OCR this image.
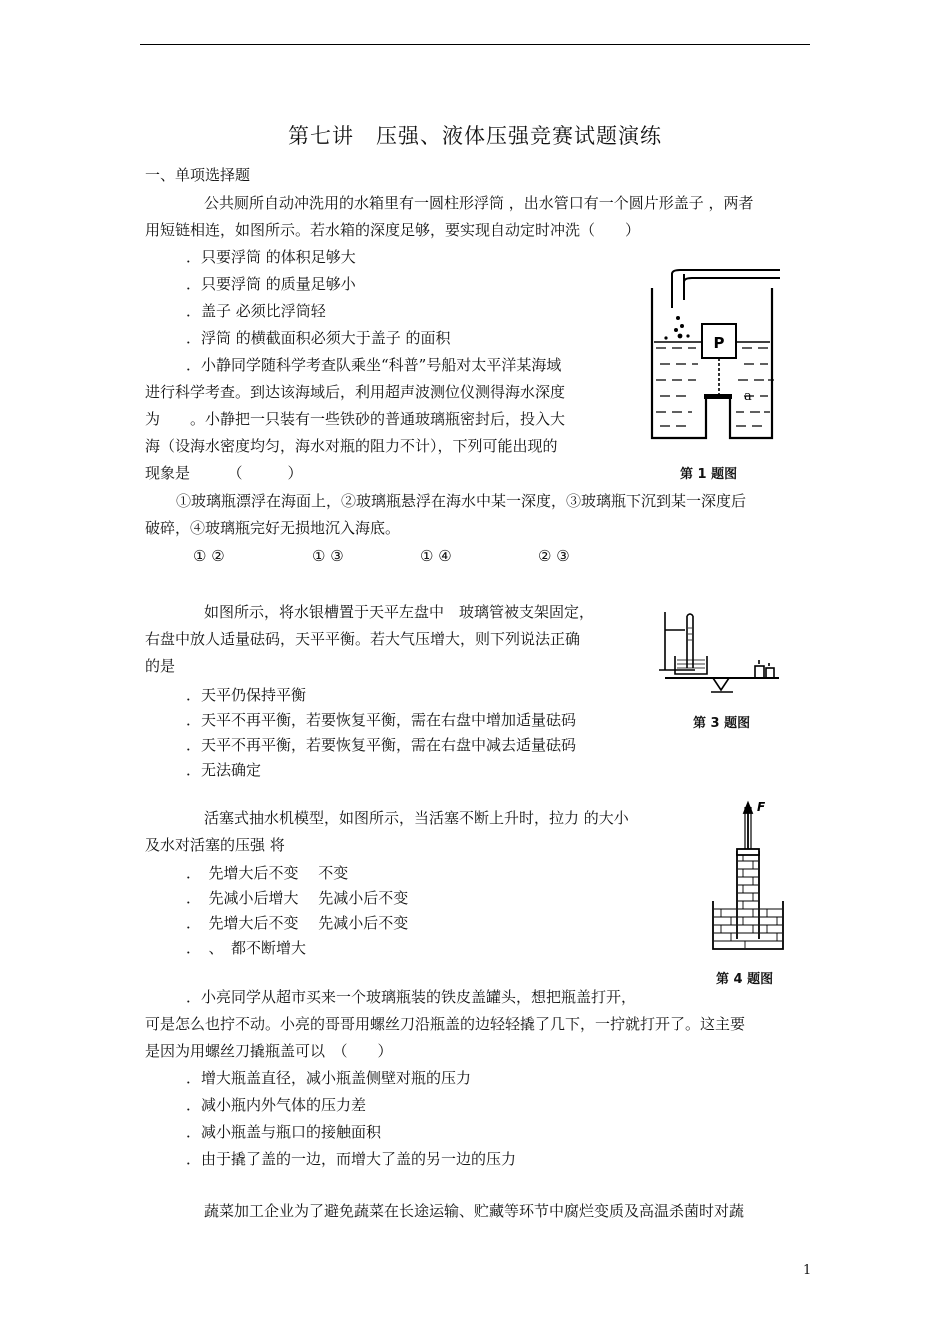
第七讲　压强、液体压强竞赛试题演练
一、单项选择题
公共厕所自动冲洗用的水箱里有一圆柱形浮筒 ，出水管口有一个圆片形盖子 ，两者
用短链相连，如图所示。若水箱的深度足够，要实现自动定时冲洗（　　）
．只要浮筒 的体积足够大
．只要浮筒 的质量足够小
．盖子 必须比浮筒轻
．浮筒 的横截面积必须大于盖子 的面积	P
a
第 1 题图
．小静同学随科学考查队乘坐“科普”号船对太平洋某海域
进行科学考查。到达该海域后，利用超声波测位仪测得海水深度
为　　。小静把一只装有一些铁砂的普通玻璃瓶密封后，投入大
海（设海水密度均匀，海水对瓶的阻力不计），下列可能出现的
现象是　　　（　　　）
①玻璃瓶漂浮在海面上，②玻璃瓶悬浮在海水中某一深度，③玻璃瓶下沉到某一深度后
破碎，④玻璃瓶完好无损地沉入海底。
① ②	① ③	① ④	② ③
如图所示，将水银槽置于天平左盘中　玻璃管被支架固定，
右盘中放人适量砝码，天平平衡。若大气压增大，则下列说法正确
的是
．天平仍保持平衡
．天平不再平衡，若要恢复平衡，需在右盘中增加适量砝码
．天平不再平衡，若要恢复平衡，需在右盘中减去适量砝码
．无法确定
第 3 题图
活塞式抽水机模型，如图所示，当活塞不断上升时，拉力 的大小
及水对活塞的压强 将
．　先增大后不变　 不变
．　先减小后增大　 先减小后不变
．　先增大后不变　 先减小后不变
．　、　都不断增大
F
第 4 题图
．小亮同学从超市买来一个玻璃瓶装的铁皮盖罐头，想把瓶盖打开，
可是怎么也拧不动。小亮的哥哥用螺丝刀沿瓶盖的边轻轻撬了几下，一拧就打开了。这主要
是因为用螺丝刀撬瓶盖可以　（　　）
．增大瓶盖直径，减小瓶盖侧壁对瓶的压力
．减小瓶内外气体的压力差
．减小瓶盖与瓶口的接触面积
．由于撬了盖的一边，而增大了盖的另一边的压力
蔬菜加工企业为了避免蔬菜在长途运输、贮藏等环节中腐烂变质及高温杀菌时对蔬
1
